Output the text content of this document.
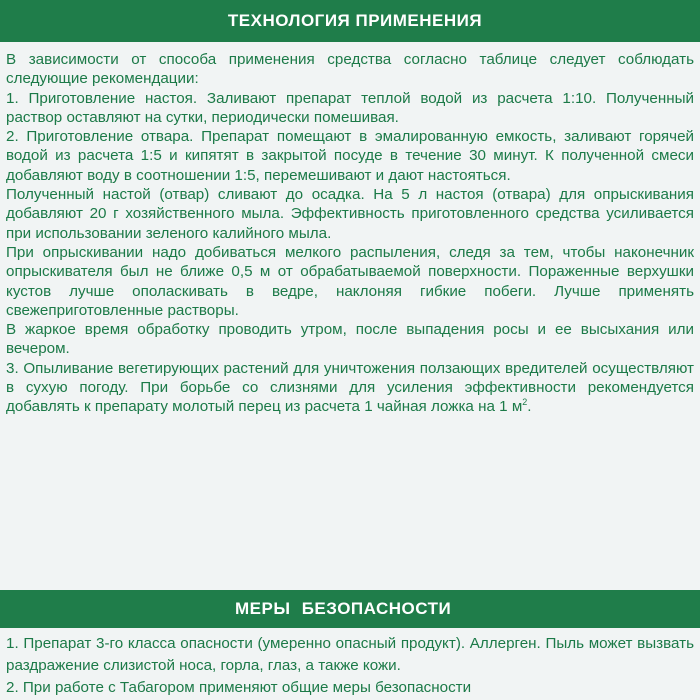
ТЕХНОЛОГИЯ ПРИМЕНЕНИЯ

В зависимости от способа применения средства согласно таблице следует соблюдать следующие рекомендации:

1. Приготовление настоя. Заливают препарат теплой водой из расчета 1:10. Полученный раствор оставляют на сутки, периодически помешивая.

2. Приготовление отвара. Препарат помещают в эмалированную емкость, заливают горячей водой из расчета 1:5 и кипятят в закрытой посуде в течение 30 минут. К полученной смеси добавляют воду в соотношении 1:5, перемешивают и дают настояться.

Полученный настой (отвар) сливают до осадка. На 5 л настоя (отвара) для опрыскивания добавляют 20 г хозяйственного мыла. Эффективность приготовленного средства усиливается при использовании зеленого калийного мыла.

При опрыскивании надо добиваться мелкого распыления, следя за тем, чтобы наконечник опрыскивателя был не ближе 0,5 м от обрабатываемой поверхности. Пораженные верхушки кустов лучше ополаскивать в ведре, наклоняя гибкие побеги. Лучше применять свежеприготовленные растворы.

В жаркое время обработку проводить утром, после выпадения росы и ее высыхания или вечером.

3. Опыливание вегетирующих растений для уничтожения ползающих вредителей осуществляют в сухую погоду. При борьбе со слизнями для усиления эффективности рекомендуется добавлять к препарату молотый перец из расчета 1 чайная ложка на 1 $м^2$.

МЕРЫ БЕЗОПАСНОСТИ

1. Препарат 3-го класса опасности (умеренно опасный продукт). Аллерген. Пыль может вызвать раздражение слизистой носа, горла, глаз, а также кожи.

2. При работе с Табагором применяют общие меры безопасности
